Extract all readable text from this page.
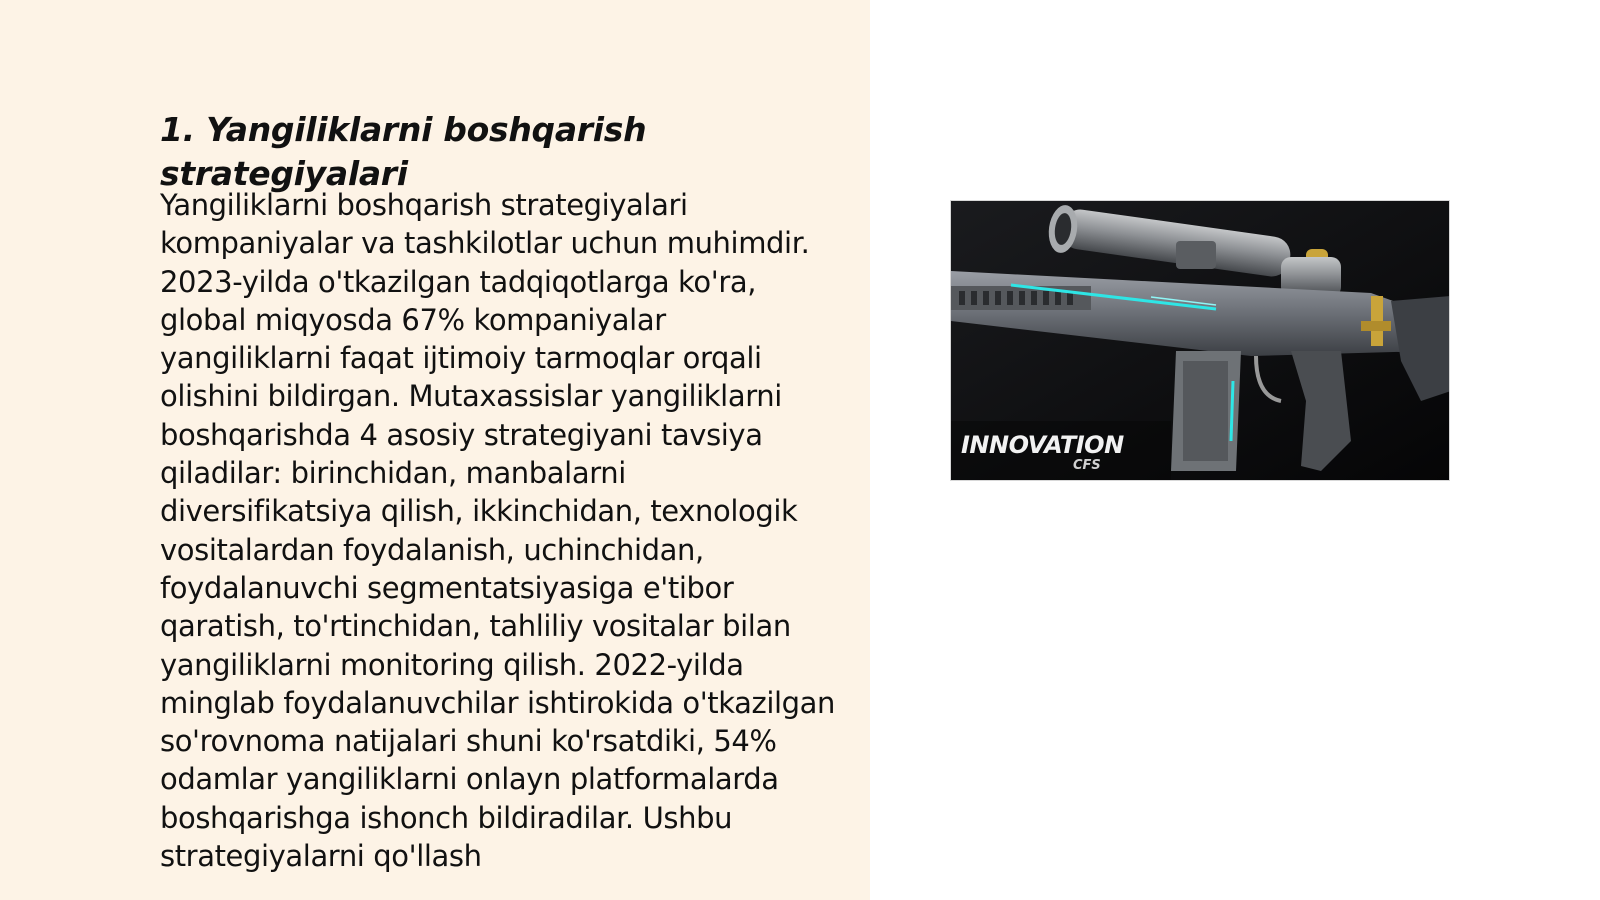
1. Yangiliklarni boshqarish strategiyalari

Yangiliklarni boshqarish strategiyalari kompaniyalar va tashkilotlar uchun muhimdir. 2023-yilda o'tkazilgan tadqiqotlarga ko'ra, global miqyosda 67% kompaniyalar yangiliklarni faqat ijtimoiy tarmoqlar orqali olishini bildirgan. Mutaxassislar yangiliklarni boshqarishda 4 asosiy strategiyani tavsiya qiladilar: birinchidan, manbalarni diversifikatsiya qilish, ikkinchidan, texnologik vositalardan foydalanish, uchinchidan, foydalanuvchi segmentatsiyasiga e'tibor qaratish, to'rtinchidan, tahliliy vositalar bilan yangiliklarni monitoring qilish. 2022-yilda minglab foydalanuvchilar ishtirokida o'tkazilgan so'rovnoma natijalari shuni ko'rsatdiki, 54% odamlar yangiliklarni onlayn platformalarda boshqarishga ishonch bildiradilar. Ushbu strategiyalarni qo'llash

INNOVATION
CFS
